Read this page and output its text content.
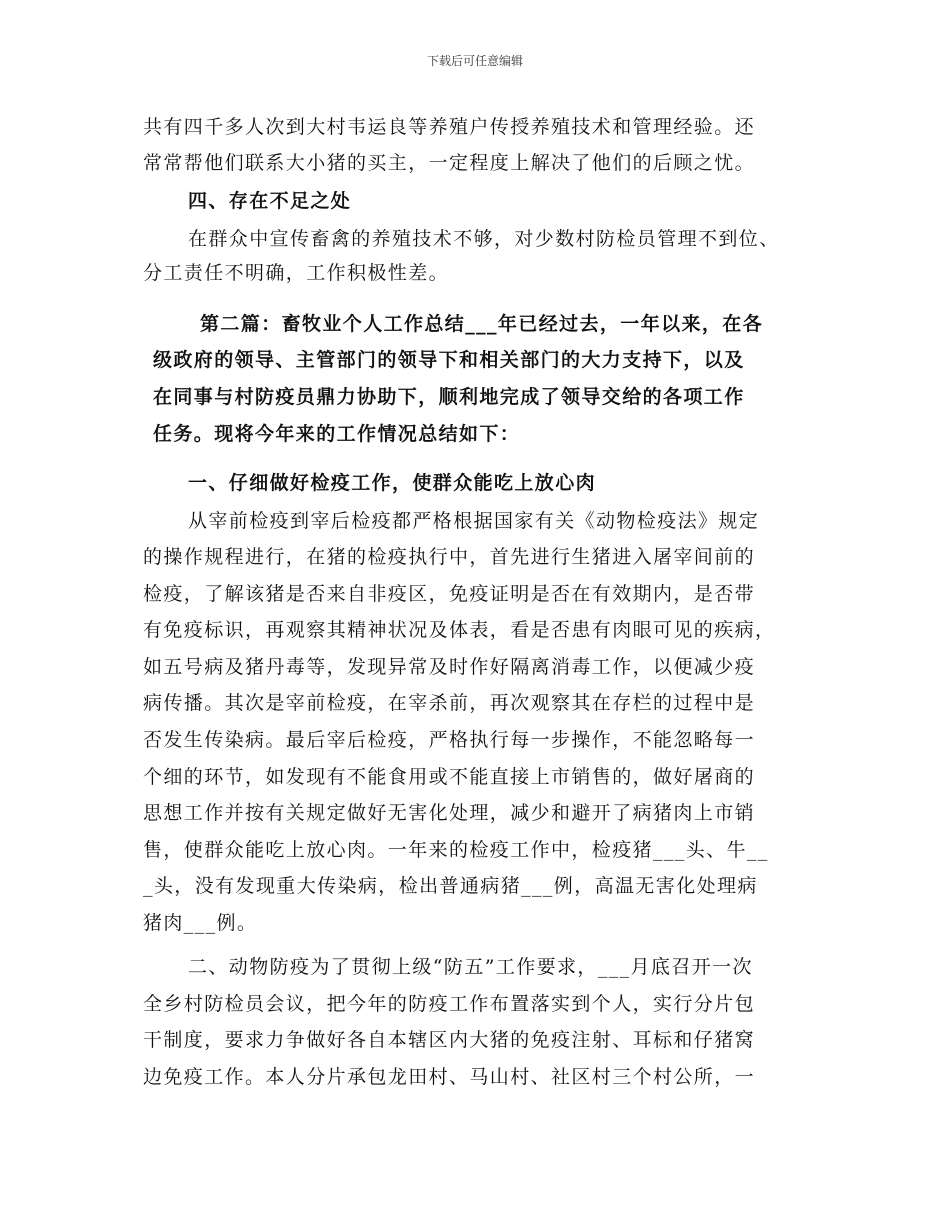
下载后可任意编辑
共有四千多人次到大村韦运良等养殖户传授养殖技术和管理经验。还
常常帮他们联系大小猪的买主，一定程度上解决了他们的后顾之忧。
四、存在不足之处
在群众中宣传畜禽的养殖技术不够，对少数村防检员管理不到位、
分工责任不明确，工作积极性差。
第二篇：畜牧业个人工作总结___年已经过去，一年以来，在各
级政府的领导、主管部门的领导下和相关部门的大力支持下，以及
在同事与村防疫员鼎力协助下，顺利地完成了领导交给的各项工作
任务。现将今年来的工作情况总结如下：
一、仔细做好检疫工作，使群众能吃上放心肉
从宰前检疫到宰后检疫都严格根据国家有关《动物检疫法》规定
的操作规程进行，在猪的检疫执行中，首先进行生猪进入屠宰间前的
检疫，了解该猪是否来自非疫区，免疫证明是否在有效期内，是否带
有免疫标识，再观察其精神状况及体表，看是否患有肉眼可见的疾病，
如五号病及猪丹毒等，发现异常及时作好隔离消毒工作，以便减少疫
病传播。其次是宰前检疫，在宰杀前，再次观察其在存栏的过程中是
否发生传染病。最后宰后检疫，严格执行每一步操作，不能忽略每一
个细的环节，如发现有不能食用或不能直接上市销售的，做好屠商的
思想工作并按有关规定做好无害化处理，减少和避开了病猪肉上市销
售，使群众能吃上放心肉。一年来的检疫工作中，检疫猪___头、牛__
_头，没有发现重大传染病，检出普通病猪___例，高温无害化处理病
猪肉___例。
二、动物防疫为了贯彻上级“防五”工作要求，___月底召开一次
全乡村防检员会议，把今年的防疫工作布置落实到个人，实行分片包
干制度，要求力争做好各自本辖区内大猪的免疫注射、耳标和仔猪窝
边免疫工作。本人分片承包龙田村、马山村、社区村三个村公所，一
